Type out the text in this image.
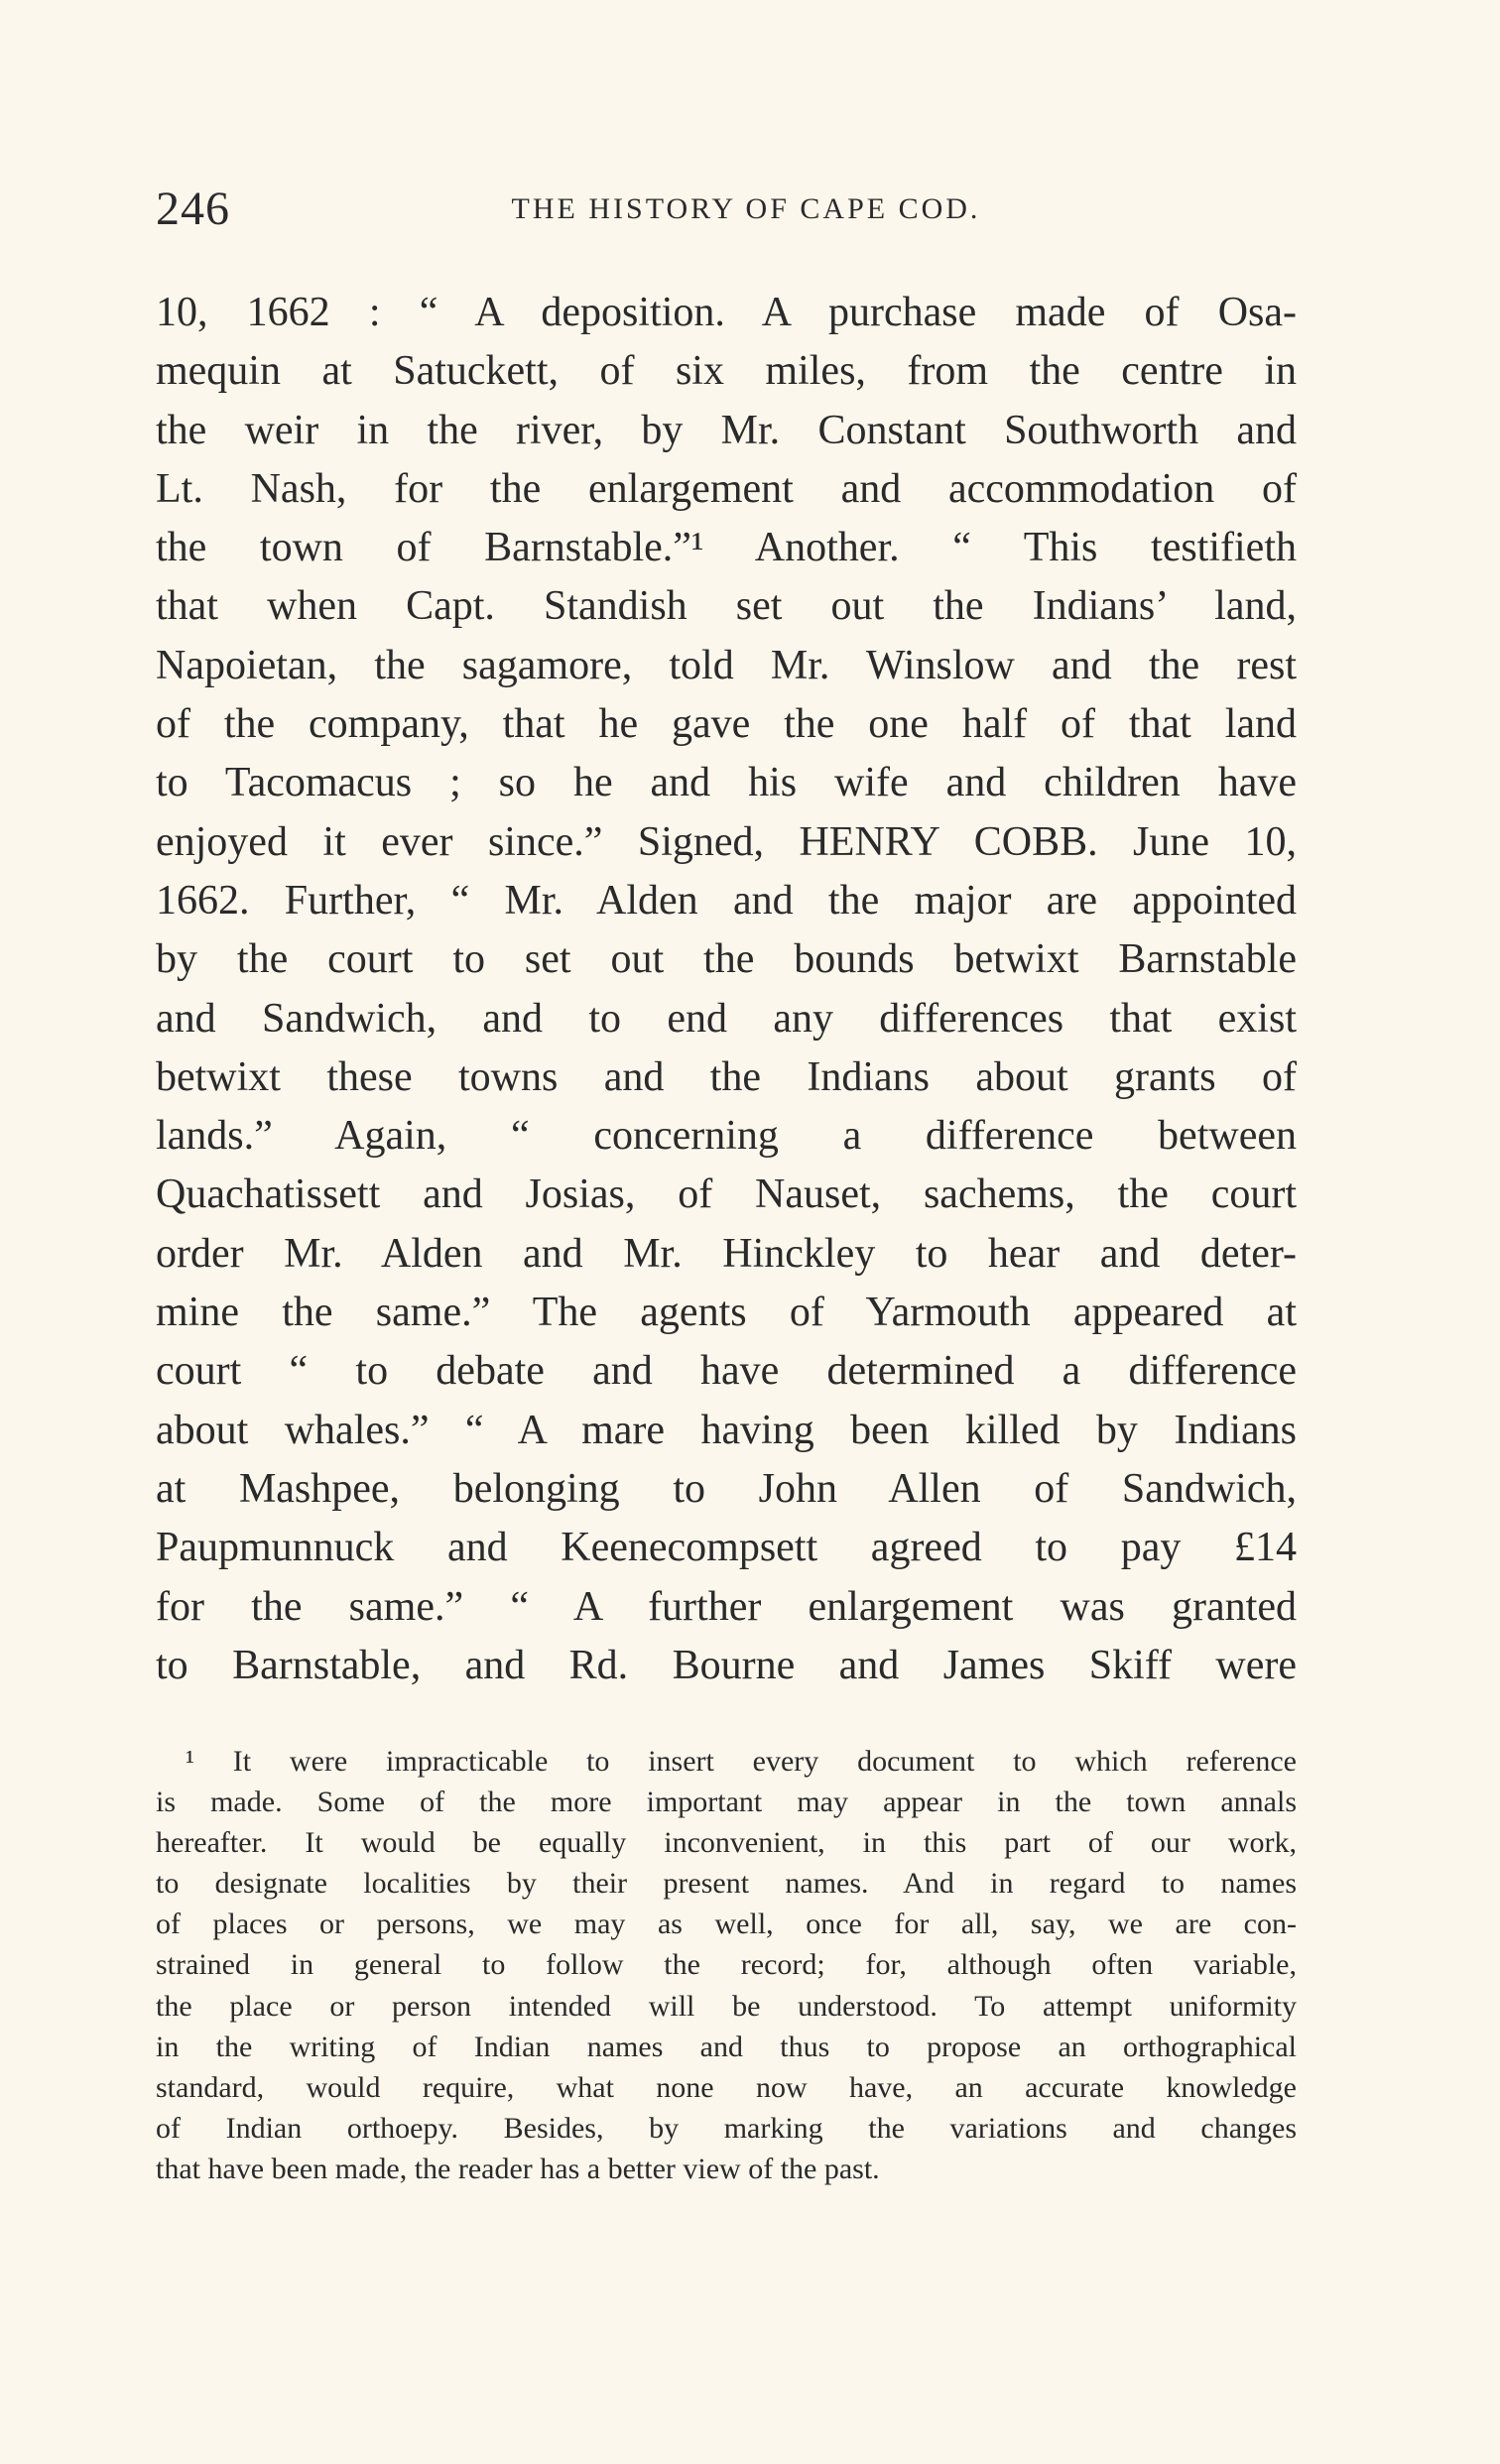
246	THE HISTORY OF CAPE COD.
10, 1662 : “ A deposition. A purchase made of Osa-
mequin at Satuckett, of six miles, from the centre in
the weir in the river, by Mr. Constant Southworth and
Lt. Nash, for the enlargement and accommodation of
the town of Barnstable.”¹ Another. “ This testifieth
that when Capt. Standish set out the Indians’ land,
Napoietan, the sagamore, told Mr. Winslow and the rest
of the company, that he gave the one half of that land
to Tacomacus ; so he and his wife and children have
enjoyed it ever since.” Signed, HENRY COBB. June 10,
1662. Further, “ Mr. Alden and the major are appointed
by the court to set out the bounds betwixt Barnstable
and Sandwich, and to end any differences that exist
betwixt these towns and the Indians about grants of
lands.” Again, “ concerning a difference between
Quachatissett and Josias, of Nauset, sachems, the court
order Mr. Alden and Mr. Hinckley to hear and deter-
mine the same.” The agents of Yarmouth appeared at
court “ to debate and have determined a difference
about whales.” “ A mare having been killed by Indians
at Mashpee, belonging to John Allen of Sandwich,
Paupmunnuck and Keenecompsett agreed to pay £14
for the same.” “ A further enlargement was granted
to Barnstable, and Rd. Bourne and James Skiff were
¹ It were impracticable to insert every document to which reference
is made. Some of the more important may appear in the town annals
hereafter. It would be equally inconvenient, in this part of our work,
to designate localities by their present names. And in regard to names
of places or persons, we may as well, once for all, say, we are con-
strained in general to follow the record; for, although often variable,
the place or person intended will be understood. To attempt uniformity
in the writing of Indian names and thus to propose an orthographical
standard, would require, what none now have, an accurate knowledge
of Indian orthoepy. Besides, by marking the variations and changes
that have been made, the reader has a better view of the past.
